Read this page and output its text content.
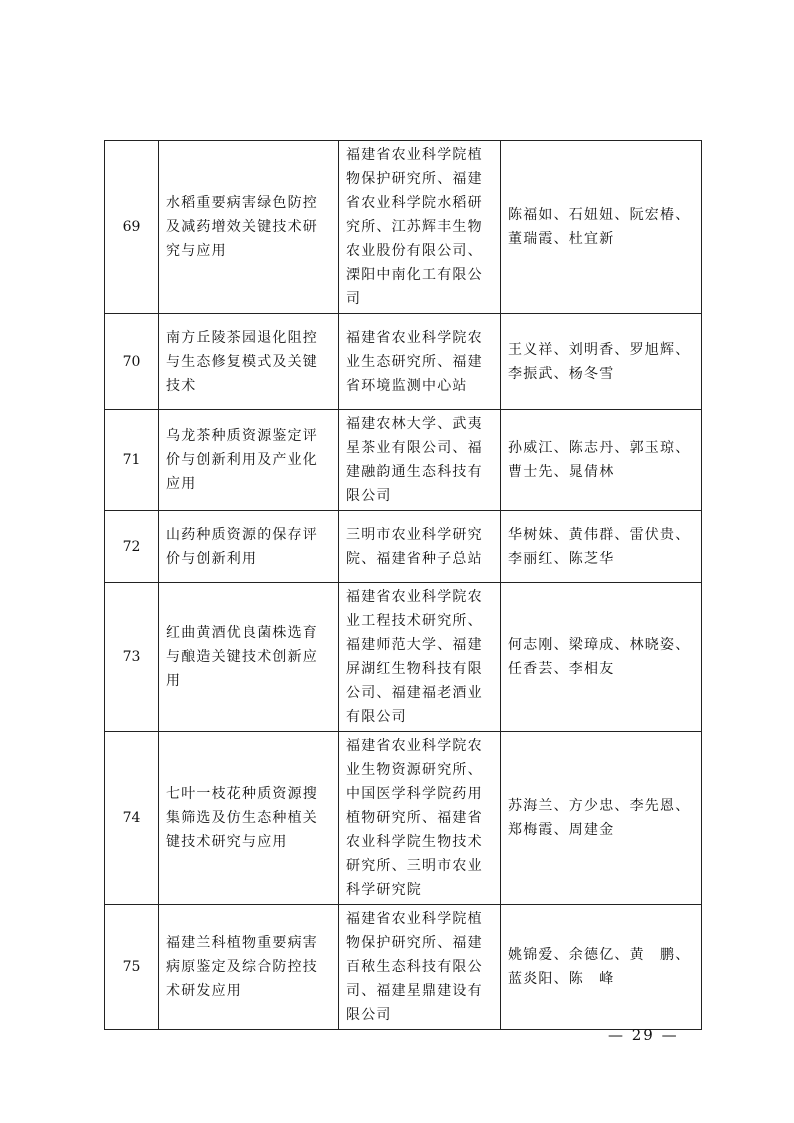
69	水稻重要病害绿色防控及减药增效关键技术研究与应用	福建省农业科学院植物保护研究所、福建省农业科学院水稻研究所、江苏辉丰生物农业股份有限公司、溧阳中南化工有限公司	陈福如、石妞妞、阮宏椿、董瑞霞、杜宜新
70	南方丘陵茶园退化阻控与生态修复模式及关键技术	福建省农业科学院农业生态研究所、福建省环境监测中心站	王义祥、刘明香、罗旭辉、李振武、杨冬雪
71	乌龙茶种质资源鉴定评价与创新利用及产业化应用	福建农林大学、武夷星茶业有限公司、福建融韵通生态科技有限公司	孙威江、陈志丹、郭玉琼、曹士先、晁倩林
72	山药种质资源的保存评价与创新利用	三明市农业科学研究院、福建省种子总站	华树妹、黄伟群、雷伏贵、李丽红、陈芝华
73	红曲黄酒优良菌株选育与酿造关键技术创新应用	福建省农业科学院农业工程技术研究所、福建师范大学、福建屏湖红生物科技有限公司、福建福老酒业有限公司	何志刚、梁璋成、林晓姿、任香芸、李相友
74	七叶一枝花种质资源搜集筛选及仿生态种植关键技术研究与应用	福建省农业科学院农业生物资源研究所、中国医学科学院药用植物研究所、福建省农业科学院生物技术研究所、三明市农业科学研究院	苏海兰、方少忠、李先恩、郑梅霞、周建金
75	福建兰科植物重要病害病原鉴定及综合防控技术研发应用	福建省农业科学院植物保护研究所、福建百秾生态科技有限公司、福建星鼎建设有限公司	姚锦爱、余德亿、黄　鹏、蓝炎阳、陈　峰
— 29 —
